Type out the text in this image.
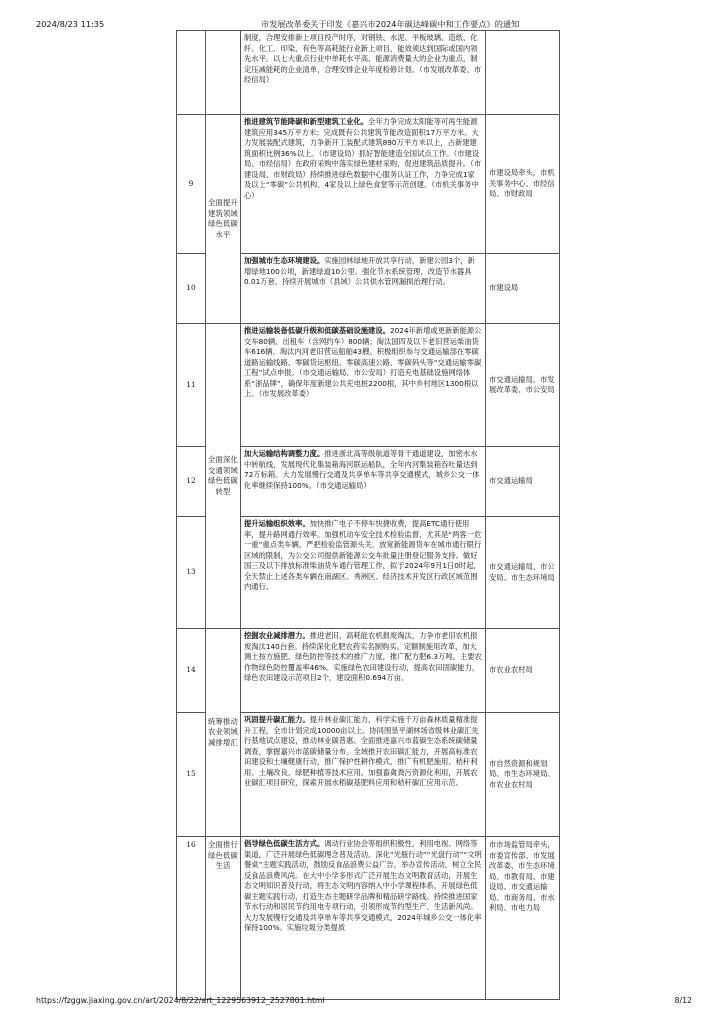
2024/8/23 11:35	市发展改革委关于印发《嘉兴市2024年碳达峰碳中和工作要点》的通知
		制度，合理安排新上项目投产时序，对钢铁、水泥、平板玻璃、造纸、化纤、化工、印染、有色等高耗能行业新上项目，能效须达到国际或国内领先水平。以七大重点行业中单耗水平高、能源消费量大的企业为重点，制定压减能耗的企业清单，合理安排企业年度检修计划。（市发展改革委、市经信局）	
9	全面提升建筑领域绿色低碳水平	推进建筑节能降碳和新型建筑工业化。全年力争完成太阳能等可再生能源建筑应用345万平方米；完成既有公共建筑节能改造面积17万平方米。大力发展装配式建筑，力争新开工装配式建筑890万平方米以上，占新建建筑面积比例36%以上。（市建设局）抓好智能建造全国试点工作。（市建设局、市经信局）在政府采购中落实绿色建材采购，促进建筑品质提升。（市建设局、市财政局）持续推进绿色数据中心服务认证工作，力争完成1家及以上“零碳”公共机构、4家及以上绿色食堂等示范创建。（市机关事务中心）	市建设局牵头，市机关事务中心、市经信局、市财政局
10		加强城市生态环境建设。实施园林绿地开放共享行动，新建公园3个，新增绿地100公顷，新建绿道10公里。强化节水系统管理，改造节水器具0.01万套，持续开展城市（县域）公共供水管网漏损治理行动。	市建设局
11	全面深化交通领域绿色低碳转型	推进运输装备低碳升级和低碳基础设施建设。2024年新增或更新新能源公交车80辆、出租车（含网约车）800辆；淘汰国四及以下老旧营运柴油货车616辆。淘汰内河老旧营运船舶43艘。积极组织参与交通运输部在零碳道路运输线路、零碳货运枢纽、零碳高速公路、零碳码头等“交通运输零碳工程”试点申报。（市交通运输局、市公安局）打造充电基础设施网络体系“浙品牌”，确保年度新建公共充电桩2200根，其中乡村地区1300根以上。（市发展改革委）	市交通运输局、市发展改革委、市公安局
12		加大运输结构调整力度。推进浙北高等级航道等骨干通道建设，加密水水中转航线，发展现代化集装箱海河联运船队，全年内河集装箱吞吐量达到72万标箱。大力发展慢行交通及共享单车等共享交通模式，城乡公交一体化率继续保持100%。（市交通运输局）	市交通运输局
13		提升运输组织效率。加快推广电子不停车快捷收费，提高ETC通行使用率，提升路网通行效率。加强机动车安全技术检验监督，尤其是“两客一危一重”重点类车辆，严把检验监管源头关。放宽新能源货车在城市通行限行区域的限制，为公交公司提供新能源公交车批量注册登记服务支持。做好国三及以下排放标准柴油货车通行管理工作，拟于2024年9月1日0时起，全天禁止上述各类车辆在南湖区、秀洲区、经济技术开发区行政区域范围内通行。	市交通运输局、市公安局、市生态环境局
14	统筹推动农业领域减排增汇	挖掘农业减排潜力。推进老旧、高耗能农机报废淘汰，力争市老旧农机报废淘汰140台套。持续深化化肥农药实名制购买、定额制施用改革，加大测土按方施肥、绿色防控等技术的推广力度，推广配方肥6.3万吨，主要农作物绿色防控覆盖率46%。实施绿色农田建设行动，提高农田固碳能力，绿色农田建设示范项目2个，建设面积0.694万亩。	市农业农村局
15		巩固提升碳汇能力。提升林业碳汇能力，科学实施千万亩森林质量精准提升工程，全市计划完成10000亩以上。协同围垦平湖林场省级林业碳汇先行基地试点建设，推动林业碳普惠。全面推进嘉兴市蓝碳生态系统碳储量调查，掌握嘉兴市蓝碳储量分布。全域推开农田碳汇能力，开展高标准农田建设和土壤健康行动，推广保护性耕作模式，推广有机肥施用、秸秆利用、土壤改良、绿肥种植等技术应用。加强畜禽粪污资源化利用，开展农业碳汇项目研究，探索开展水稻碳基肥料应用和秸秆碳汇应用示范。	市自然资源和规划局、市生态环境局、市农业农村局
16	全面推行绿色低碳生活	倡导绿色低碳生活方式。调动行业协会等组织积极性，利用电视、网络等渠道，广泛开展绿色低碳理念普及活动。深化“光瓶行动”“光盘行动”“文明餐桌”主题实践活动，鼓励反食品浪费公益广告，举办宣传活动，树立全民反食品浪费风尚。在大中小学多形式广泛开展生态文明教育活动，开展生态文明知识普及行动，将生态文明内容纳入中小学课程体系，开展绿色低碳主题实践行动，打造生态主题研学品牌和精品研学路线。持续推进国家节水行动和居民节约用电专项行动，引领形成节约型生产、生活新风尚。大力发展慢行交通及共享单车等共享交通模式，2024年城乡公交一体化率保持100%。实施垃圾分类提质	市市场监管局牵头，市委宣传部、市发展改革委、市生态环境局、市教育局、市建设局、市交通运输局、市商务局、市水利局、市电力局
https://fzggw.jiaxing.gov.cn/art/2024/8/22/art_1229563912_2527801.html	8/12
